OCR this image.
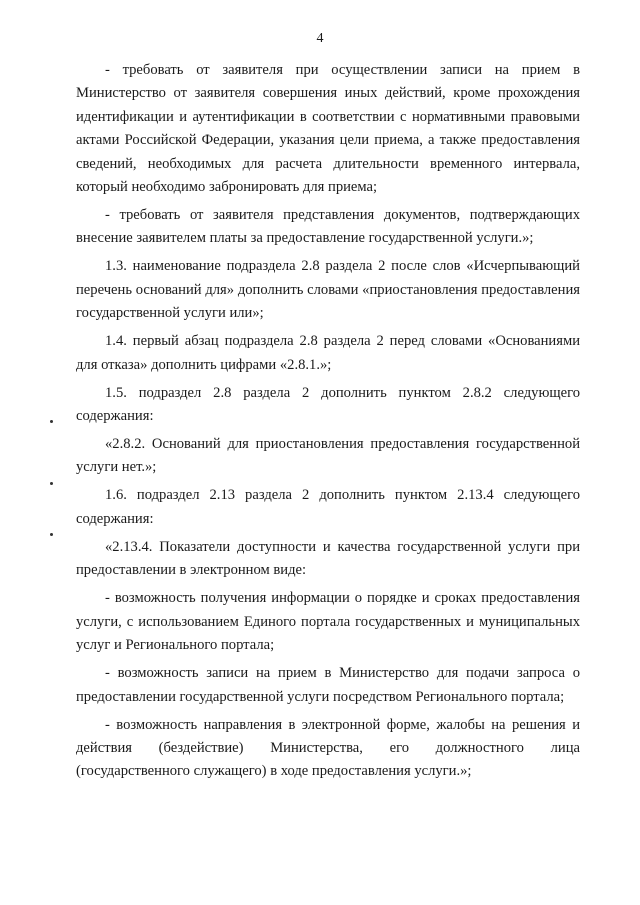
4

- требовать от заявителя при осуществлении записи на прием в Министерство от заявителя совершения иных действий, кроме прохождения идентификации и аутентификации в соответствии с нормативными правовыми актами Российской Федерации, указания цели приема, а также предоставления сведений, необходимых для расчета длительности временного интервала, который необходимо забронировать для приема;

- требовать от заявителя представления документов, подтверждающих внесение заявителем платы за предоставление государственной услуги.»;

1.3. наименование подраздела 2.8 раздела 2 после слов «Исчерпывающий перечень оснований для» дополнить словами «приостановления предоставления государственной услуги или»;

1.4. первый абзац подраздела 2.8 раздела 2 перед словами «Основаниями для отказа» дополнить цифрами «2.8.1.»;

1.5. подраздел 2.8 раздела 2 дополнить пунктом 2.8.2 следующего содержания:

«2.8.2. Оснований для приостановления предоставления государственной услуги нет.»;

1.6. подраздел 2.13 раздела 2 дополнить пунктом 2.13.4 следующего содержания:

«2.13.4. Показатели доступности и качества государственной услуги при предоставлении в электронном виде:

- возможность получения информации о порядке и сроках предоставления услуги, с использованием Единого портала государственных и муниципальных услуг и Регионального портала;

- возможность записи на прием в Министерство для подачи запроса о предоставлении государственной услуги посредством Регионального портала;

- возможность направления в электронной форме, жалобы на решения и действия (бездействие) Министерства, его должностного лица (государственного служащего) в ходе предоставления услуги.»;
